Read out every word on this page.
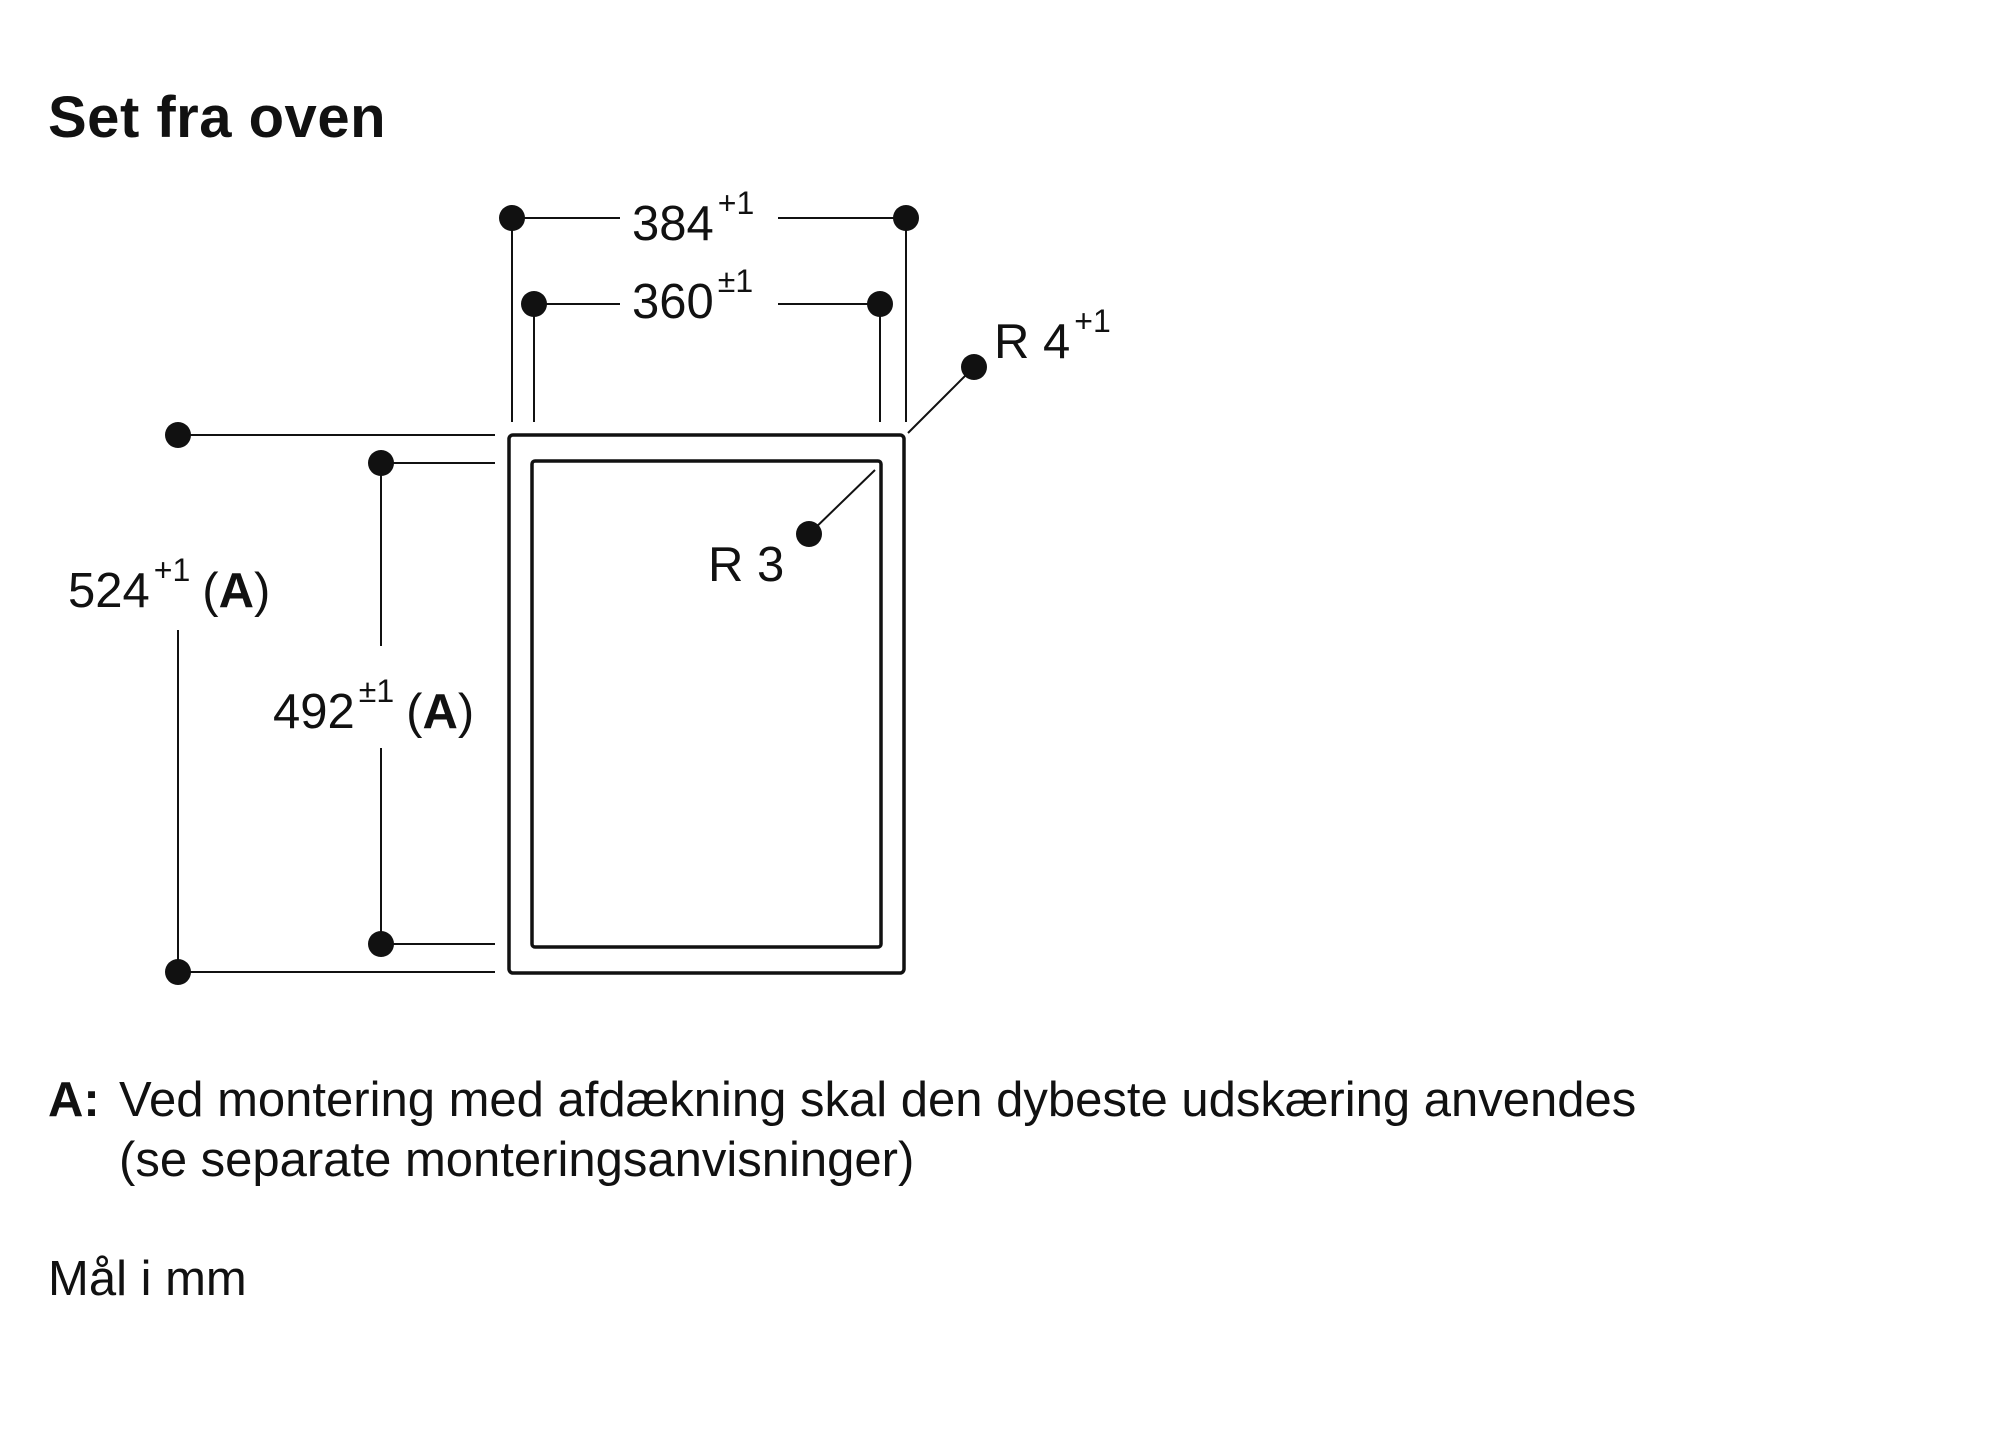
Set fra oven
384 $^{+1}$
360 $^{\pm 1}$
R 4 $^{+1}$
R 3
524 $^{+1}$ (A)
492 $^{\pm 1}$ (A)
A: Ved montering med afdækning skal den dybeste udskæring anvendes
(se separate monteringsanvisninger)
Mål i mm
